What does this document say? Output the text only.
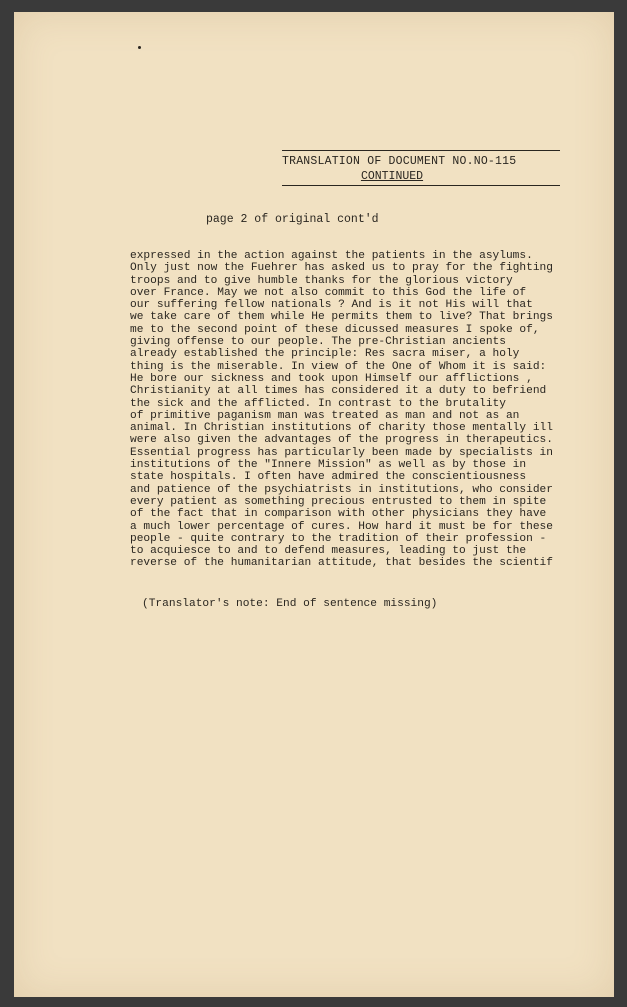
TRANSLATION OF DOCUMENT NO.NO-115
CONTINUED
page 2 of original cont'd
expressed in the action against the patients in the asylums.
Only just now the Fuehrer has asked us to pray for the fighting
troops and to give humble thanks for the glorious victory
over France. May we not also commit to this God the life of
our suffering fellow nationals ? And is it not His will that
we take care of them while He permits them to live? That brings
me to the second point of these dicussed measures I spoke of,
giving offense to our people. The pre-Christian ancients
already established the principle: Res sacra miser, a holy
thing is the miserable. In view of the One of Whom it is said:
He bore our sickness and took upon Himself our afflictions ,
Christianity at all times has considered it a duty to befriend
the sick and the afflicted. In contrast to the brutality
of primitive paganism man was treated as man and not as an
animal. In Christian institutions of charity those mentally ill
were also given the advantages of the progress in therapeutics.
Essential progress has particularly been made by specialists in
institutions of the "Innere Mission" as well as by those in
state hospitals. I often have admired the conscientiousness
and patience of the psychiatrists in institutions, who consider
every patient as something precious entrusted to them in spite
of the fact that in comparison with other physicians they have
a much lower percentage of cures. How hard it must be for these
people - quite contrary to the tradition of their profession -
to acquiesce to and to defend measures, leading to just the
reverse of the humanitarian attitude, that besides the scientif
(Translator's note: End of sentence missing)
